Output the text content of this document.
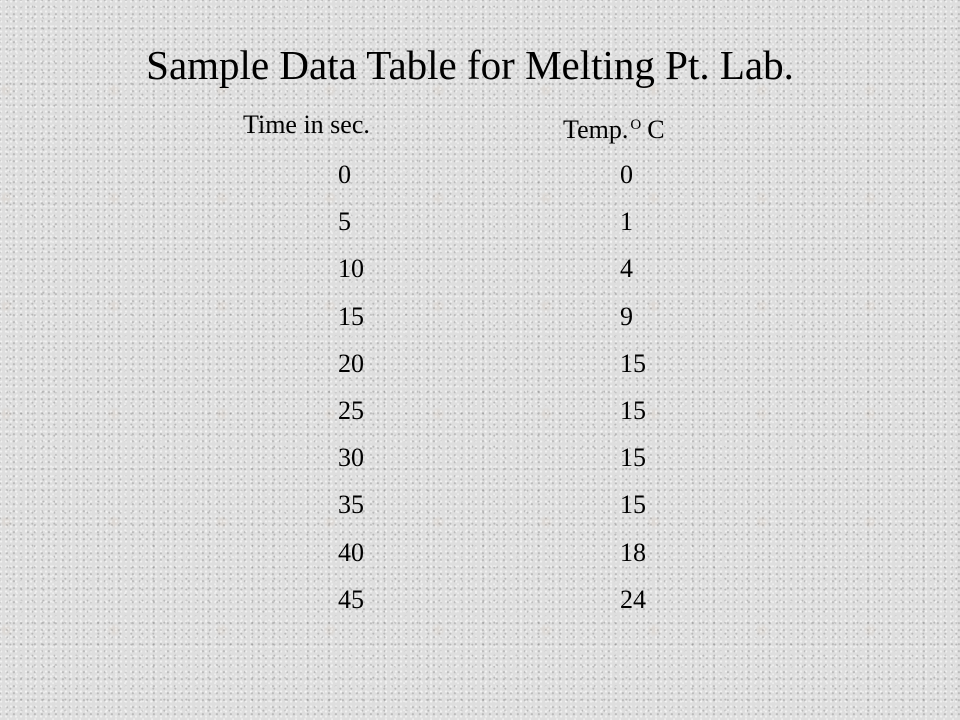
Sample Data Table for Melting Pt. Lab.
Time in sec.	Temp. $^O$ C
0	0
5	1
10	4
15	9
20	15
25	15
30	15
35	15
40	18
45	24
